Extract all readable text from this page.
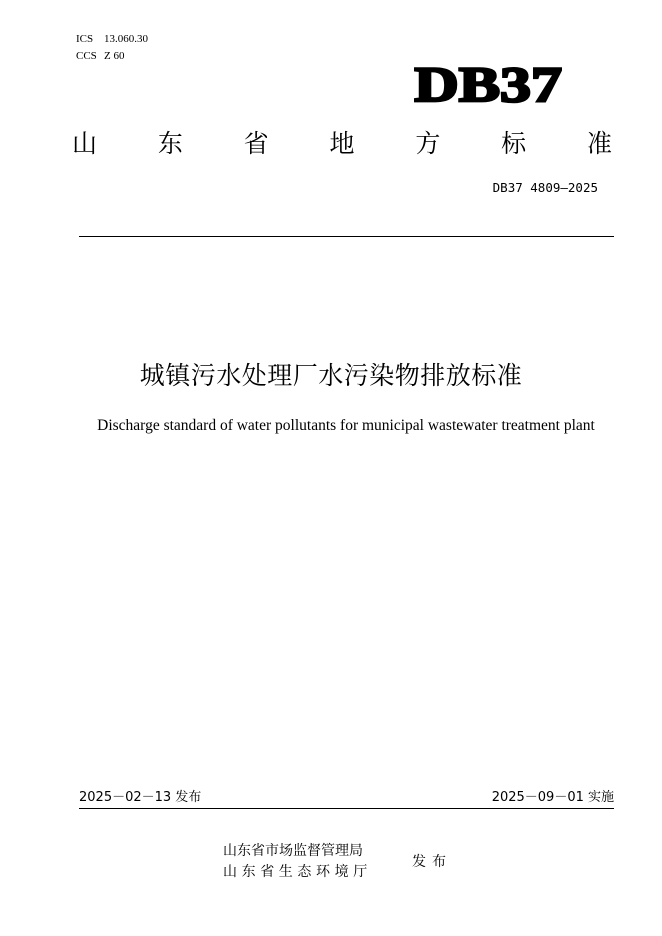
ICS 13.060.30
CCS Z 60	DB37
山 东 省 地 方 标 准
DB37 4809—2025
城镇污水处理厂水污染物排放标准
Discharge standard of water pollutants for municipal wastewater treatment plant
2025－02－13 发布	2025－09－01 实施
山东省市场监督管理局
山东省生态环境厅
发布
